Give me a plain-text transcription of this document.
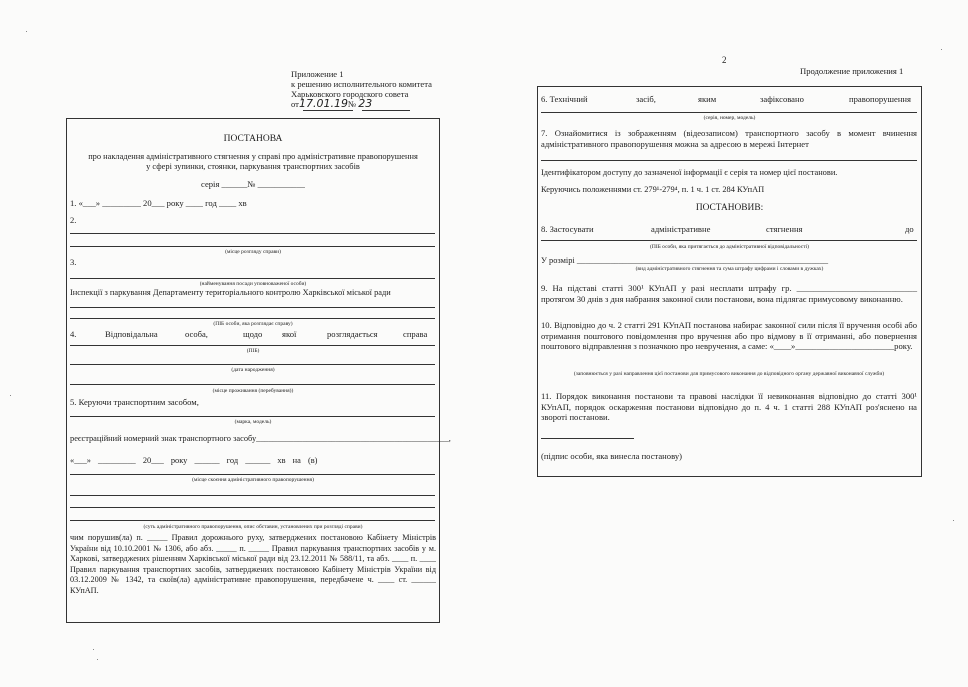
Приложение 1
к решению исполнительного комитета
Харьковского городского совета
от17.01.19№ 23
2
Продолжение приложения 1
ПОСТАНОВА
про накладення адміністративного стягнення у справі про адміністративне правопорушення
у сфері зупинки, стоянки, паркування транспортних засобів
серія ______№ ___________
1. «___» _________ 20___ року ____ год ____ хв
2.
(місце розгляду справи)
3.
(найменування посади уповноваженої особи)
Інспекції з паркування Департаменту територіального контролю Харківської міської ради
(ПІБ особи, яка розглядає справу)
4.	Відповідальна	особа,	щодо якої	розглядається	справа
(ПІБ)
(дата народження)
(місце проживання (перебування))
5. Керуючи транспортним засобом,
(марка, модель)
реєстраційний номерний знак транспортного засобу______________________________________________,
«___» _________ 20___ року ______ год ______ хв на (в)
(місце скоєння адміністративного правопорушення)
(суть адміністративного правопорушення, опис обставин, установлених при розгляді справи)
чим порушив(ла) п. _____ Правил дорожнього руху, затверджених постановою Кабінету Міністрів України від 10.10.2001 № 1306, або абз. _____ п. _____ Правил паркування транспортних засобів у м. Харкові, затверджених рішенням Харківської міської ради від 23.12.2011 № 588/11, та абз. ____ п. ____ Правил паркування транспортних засобів, затверджених постановою Кабінету Міністрів України від 03.12.2009 № 1342, та скоїв(ла) адміністративне правопорушення, передбачене ч. ____ ст. ______ КУпАП.
6. Технічний	засіб,	яким	зафіксовано	правопорушення
(серія, номер, модель)
7. Ознайомитися із зображенням (відеозаписом) транспортного засобу в момент вчинення адміністративного правопорушення можна за адресою в мережі Інтернет
Ідентифікатором доступу до зазначеної інформації є серія та номер цієї постанови.
Керуючись положеннями ст. 279¹-279⁴, п. 1 ч. 1 ст. 284 КУпАП
ПОСТАНОВИВ:
8. Застосувати	адміністративне	стягнення	до
(ПІБ особи, яка притягається до адміністративної відповідальності)
У розмірі ____________________________________________________________
(вид адміністративного стягнення та сума штрафу цифрами і словами в дужках)
9. На підставі статті 300¹ КУпАП у разі несплати штрафу гр. ____________________________ протягом 30 днів з дня набрання законної сили постанови, вона підлягає примусовому виконанню.
10. Відповідно до ч. 2 статті 291 КУпАП постанова набирає законної сили після її вручення особі або отримання поштового повідомлення про вручення або про відмову в її отриманні, або повернення поштового відправлення з позначкою про невручення, а саме: «____»_______________________року.
(заповнюється у разі направлення цієї постанови для примусового виконання до відповідного органу державної виконавчої служби)
11. Порядок виконання постанови та правові наслідки її невиконання відповідно до статті 300¹ КУпАП, порядок оскарження постанови відповідно до п. 4 ч. 1 статті 288 КУпАП роз'яснено на звороті постанови.
(підпис особи, яка винесла постанову)
